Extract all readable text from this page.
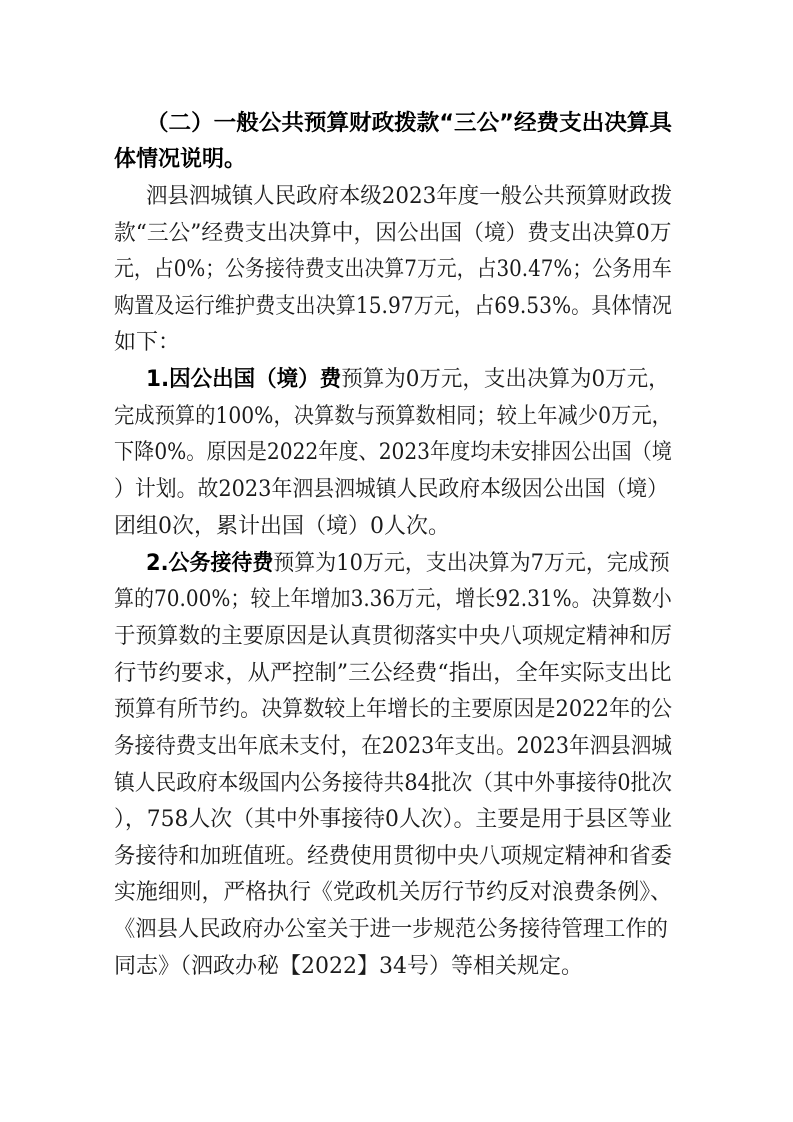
（二）一般公共预算财政拨款“三公”经费支出决算具
体情况说明。
泗县泗城镇人民政府本级2023年度一般公共预算财政拨
款“三公”经费支出决算中，因公出国（境）费支出决算0万
元，占0%；公务接待费支出决算7万元，占30.47%；公务用车
购置及运行维护费支出决算15.97万元，占69.53%。具体情况
如下：
1.因公出国（境）费预算为0万元，支出决算为0万元，
完成预算的100%，决算数与预算数相同；较上年减少0万元，
下降0%。原因是2022年度、2023年度均未安排因公出国（境
）计划。故2023年泗县泗城镇人民政府本级因公出国（境）
团组0次，累计出国（境）0人次。
2.公务接待费预算为10万元，支出决算为7万元，完成预
算的70.00%；较上年增加3.36万元，增长92.31%。决算数小
于预算数的主要原因是认真贯彻落实中央八项规定精神和厉
行节约要求，从严控制”三公经费“指出，全年实际支出比
预算有所节约。决算数较上年增长的主要原因是2022年的公
务接待费支出年底未支付，在2023年支出。2023年泗县泗城
镇人民政府本级国内公务接待共84批次（其中外事接待0批次
），758人次（其中外事接待0人次）。主要是用于县区等业
务接待和加班值班。经费使用贯彻中央八项规定精神和省委
实施细则，严格执行《党政机关厉行节约反对浪费条例》、
《泗县人民政府办公室关于进一步规范公务接待管理工作的
同志》（泗政办秘【2022】34号）等相关规定。
